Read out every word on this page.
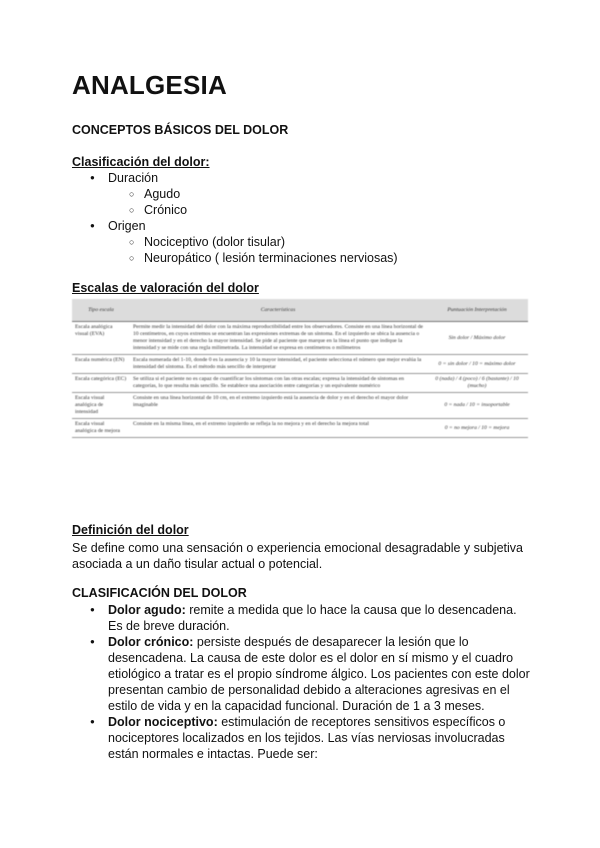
ANALGESIA

CONCEPTOS BÁSICOS DEL DOLOR

Clasificación del dolor:

● Duración
○ Agudo
○ Crónico
● Origen
○ Nociceptivo (dolor tisular)
○ Neuropático ( lesión terminaciones nerviosas)

Escalas de valoración del dolor

Tipo escala	Características	Puntuación Interpretación
Escala analógica visual (EVA)	Permite medir la intensidad del dolor con la máxima reproductibilidad entre los observadores. Consiste en una línea horizontal de 10 centímetros, en cuyos extremos se encuentran las expresiones extremas de un síntoma. En el izquierdo se ubica la ausencia o menor intensidad y en el derecho la mayor intensidad. Se pide al paciente que marque en la línea el punto que indique la intensidad y se mide con una regla milimetrada. La intensidad se expresa en centímetros o milímetros	Sin dolor / Máximo dolor
Escala numérica (EN)	Escala numerada del 1-10, donde 0 es la ausencia y 10 la mayor intensidad, el paciente selecciona el número que mejor evalúa la intensidad del síntoma. Es el método más sencillo de interpretar	0 = sin dolor / 10 = máximo dolor
Escala categórica (EC)	Se utiliza si el paciente no es capaz de cuantificar los síntomas con las otras escalas; expresa la intensidad de síntomas en categorías, lo que resulta más sencillo. Se establece una asociación entre categorías y un equivalente numérico	0 (nada) / 4 (poco) / 6 (bastante) / 10 (mucho)
Escala visual analógica de intensidad	Consiste en una línea horizontal de 10 cm, en el extremo izquierdo está la ausencia de dolor y en el derecho el mayor dolor imaginable	0 = nada / 10 = insoportable
Escala visual analógica de mejora	Consiste en la misma línea, en el extremo izquierdo se refleja la no mejora y en el derecho la mejora total	0 = no mejora / 10 = mejora

Definición del dolor

Se define como una sensación o experiencia emocional desagradable y subjetiva asociada a un daño tisular actual o potencial.

CLASIFICACIÓN DEL DOLOR

● Dolor agudo: remite a medida que lo hace la causa que lo desencadena. Es de breve duración.
● Dolor crónico: persiste después de desaparecer la lesión que lo desencadena. La causa de este dolor es el dolor en sí mismo y el cuadro etiológico a tratar es el propio síndrome álgico. Los pacientes con este dolor presentan cambio de personalidad debido a alteraciones agresivas en el estilo de vida y en la capacidad funcional. Duración de 1 a 3 meses.
● Dolor nociceptivo: estimulación de receptores sensitivos específicos o nociceptores localizados en los tejidos. Las vías nerviosas involucradas están normales e intactas. Puede ser:
